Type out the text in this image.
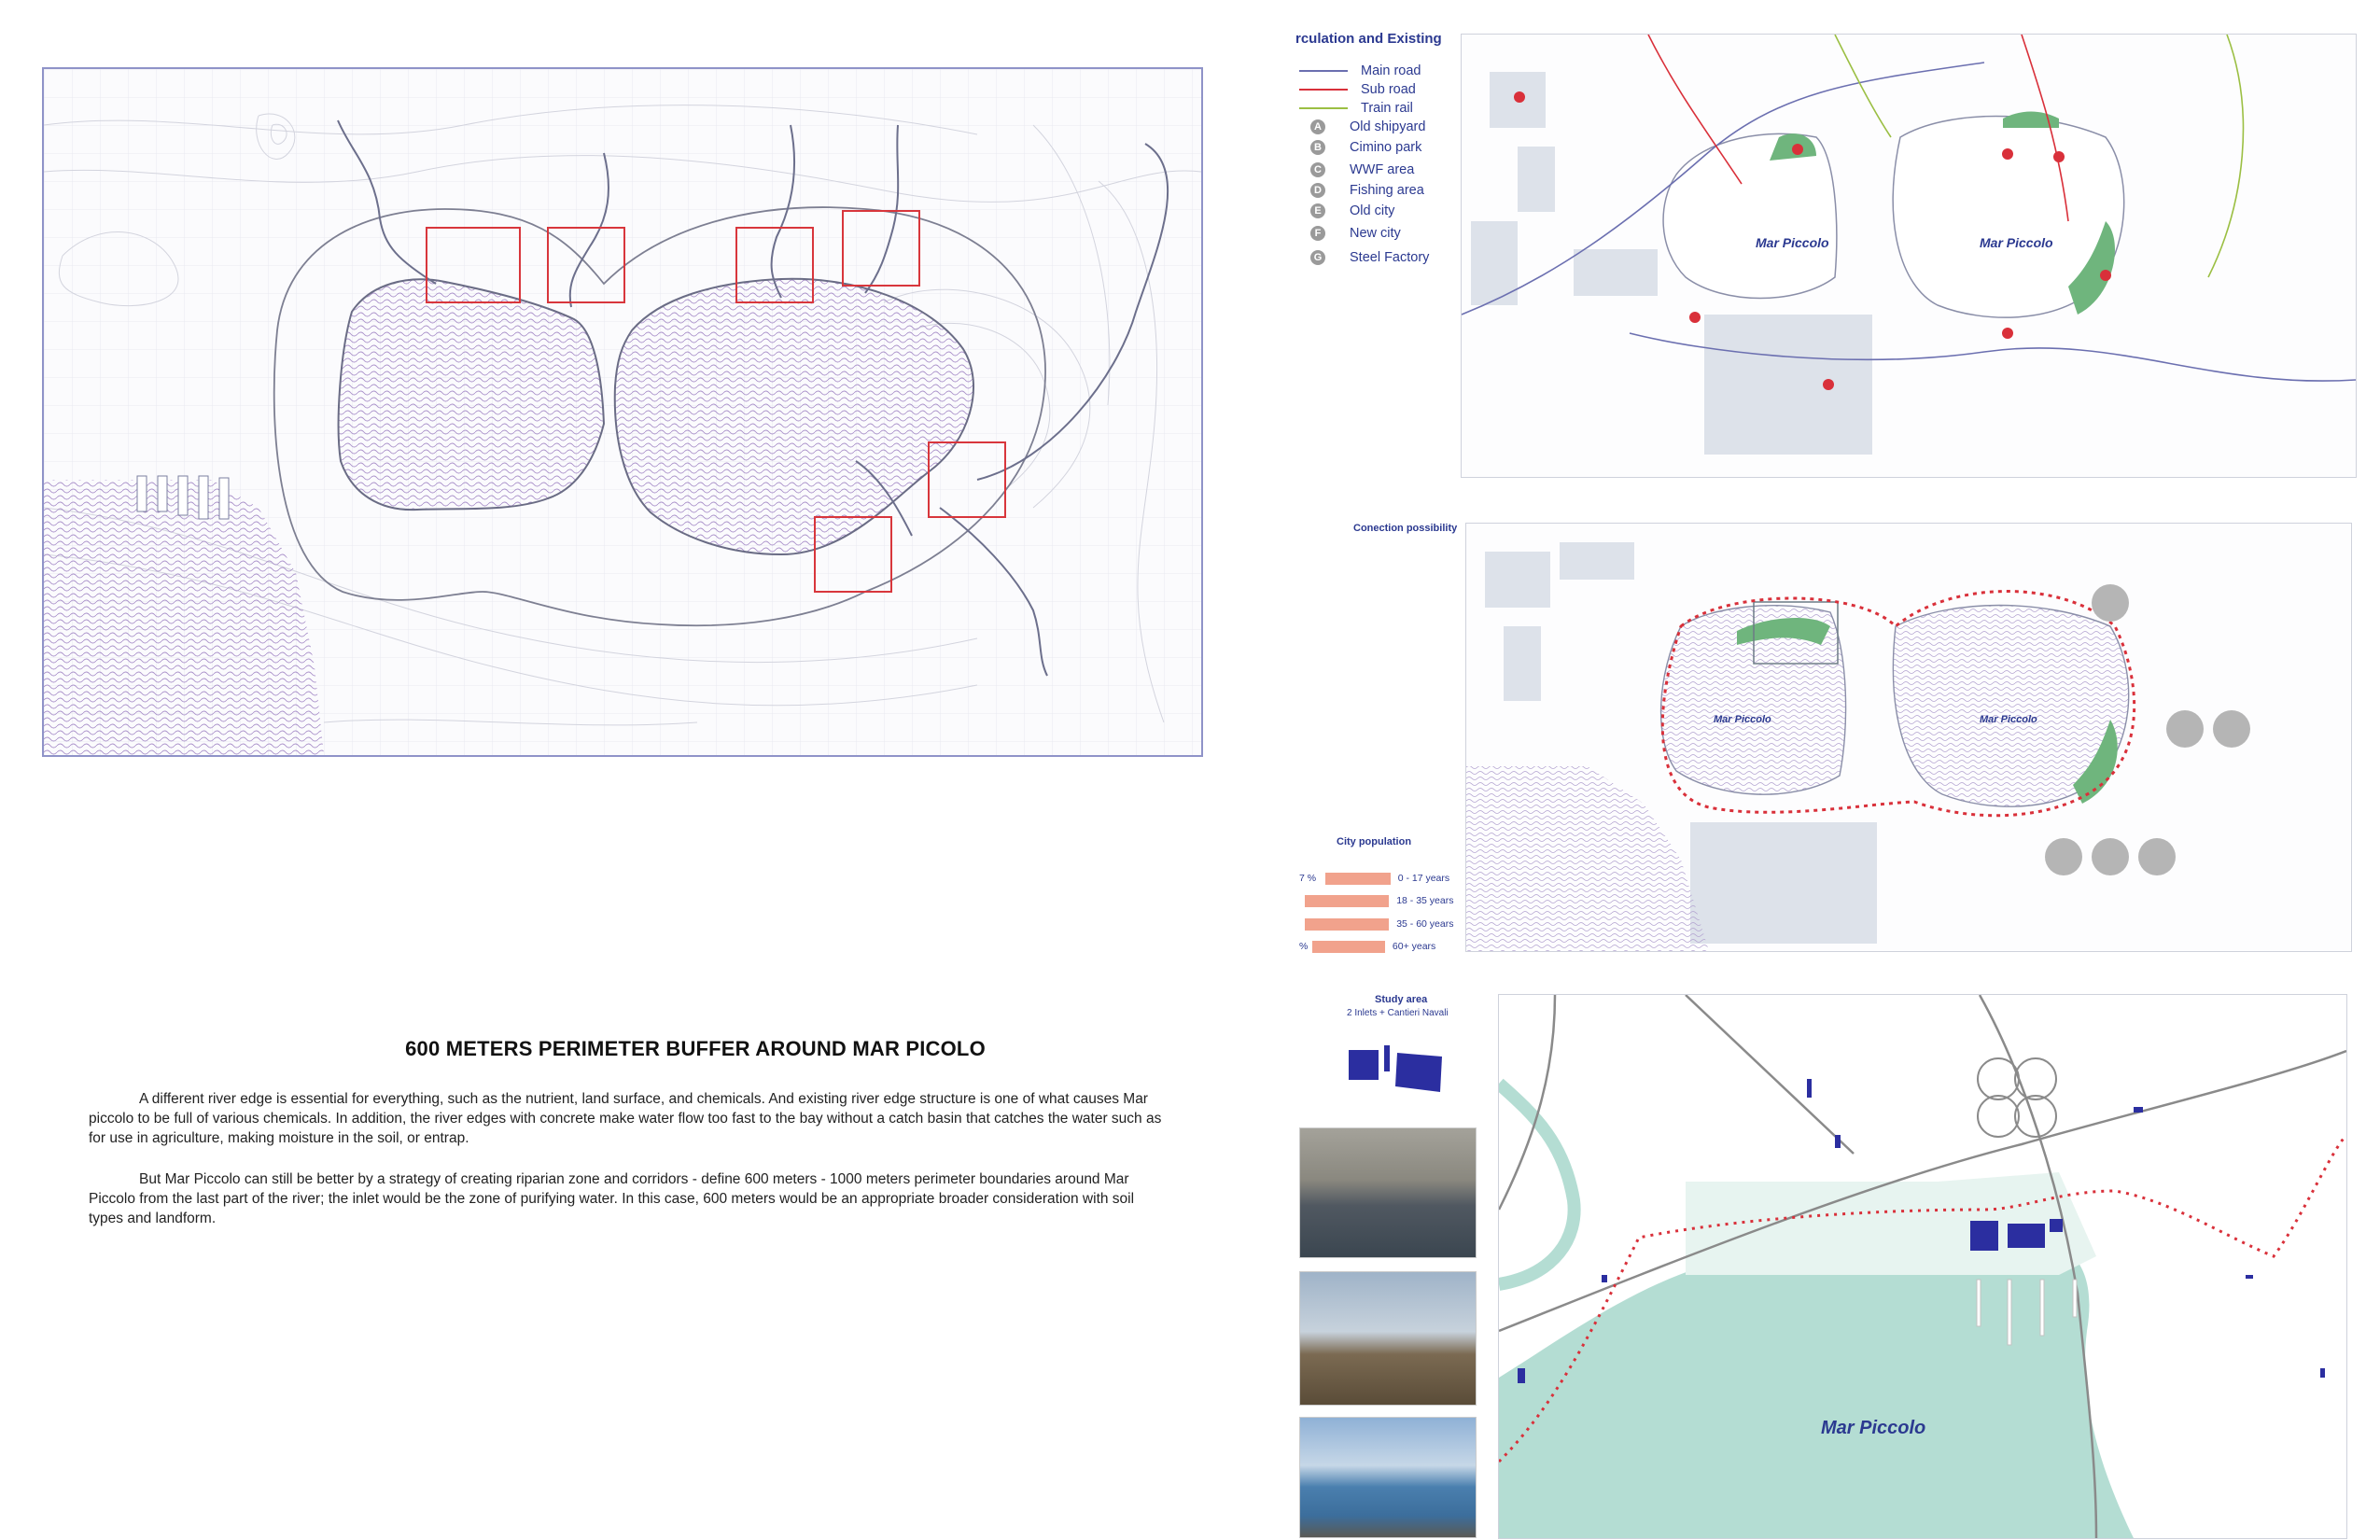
600 METERS PERIMETER BUFFER AROUND MAR PICOLO
A different river edge is essential for everything, such as the nutrient, land surface, and chemicals. And existing river edge structure is one of what causes Mar piccolo to be full of various chemicals. In addition, the river edges with concrete make water flow too fast to the bay without a catch basin that catches the water such as for use in agriculture, making moisture in the soil, or entrap.
But Mar Piccolo can still be better by a strategy of creating riparian zone and corridors - define 600 meters - 1000 meters perimeter boundaries around Mar Piccolo from the last part of the river; the inlet would be the zone of purifying water. In this case, 600 meters would be an appropriate broader consideration with soil types and landform.
rculation and Existing
Main road
Sub road
Train rail
A Old shipyard
B Cimino park
C WWF area
D Fishing area
E Old city
F	New city
G Steel Factory
Mar Piccolo	Mar Piccolo
Conection possibility
Mar Piccolo	Mar Piccolo
City population
7 %	0 - 17 years
18 - 35 years
35 - 60 years
%	60+ years
Study area
2 Inlets + Cantieri Navali
Mar Piccolo
